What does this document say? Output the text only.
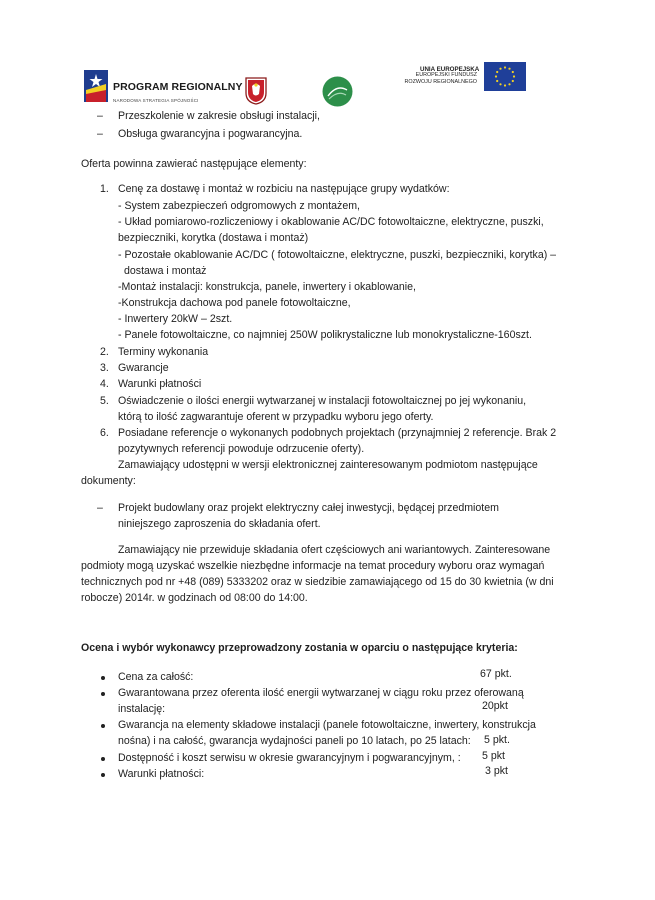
PROGRAM REGIONALNY
NARODOWA STRATEGIA SPÓJNOŚCI
UNIA EUROPEJSKA
EUROPEJSKI FUNDUSZ
ROZWOJU REGIONALNEGO
– Przeszkolenie w zakresie obsługi instalacji,
– Obsługa gwarancyjna i pogwarancyjna.
Oferta powinna zawierać następujące elementy:
1. Cenę za dostawę i montaż w rozbiciu na następujące grupy wydatków:
- System zabezpieczeń odgromowych z montażem,
- Układ pomiarowo-rozliczeniowy i okablowanie AC/DC fotowoltaiczne, elektryczne, puszki,
bezpieczniki, korytka (dostawa i montaż)
- Pozostałe okablowanie AC/DC ( fotowoltaiczne, elektryczne, puszki, bezpieczniki, korytka) –
dostawa i montaż
-Montaż instalacji: konstrukcja, panele, inwertery i okablowanie,
-Konstrukcja dachowa pod panele fotowoltaiczne,
- Inwertery 20kW – 2szt.
- Panele fotowoltaiczne, co najmniej 250W polikrystaliczne lub monokrystaliczne-160szt.
2. Terminy wykonania
3. Gwarancje
4. Warunki płatności
5. Oświadczenie o ilości energii wytwarzanej w instalacji fotowoltaicznej po jej wykonaniu,
którą to ilość zagwarantuje oferent w przypadku wyboru jego oferty.
6. Posiadane referencje o wykonanych podobnych projektach (przynajmniej 2 referencje. Brak 2
pozytywnych referencji powoduje odrzucenie oferty).
Zamawiający udostępni w wersji elektronicznej zainteresowanym podmiotom następujące
dokumenty:
– Projekt budowlany oraz projekt elektryczny całej inwestycji, będącej przedmiotem
niniejszego zaproszenia do składania ofert.
Zamawiający nie przewiduje składania ofert częściowych ani wariantowych. Zainteresowane
podmioty mogą uzyskać wszelkie niezbędne informacje na temat procedury wyboru oraz wymagań
technicznych pod nr +48 (089) 5333202 oraz w siedzibie zamawiającego od 15 do 30 kwietnia (w dni
robocze) 2014r. w godzinach od 08:00 do 14:00.
Ocena i wybór wykonawcy przeprowadzony zostania w oparciu o następujące kryteria:
Cena za całość:	67 pkt.
Gwarantowana przez oferenta ilość energii wytwarzanej w ciągu roku przez oferowaną
instalację:	20pkt
Gwarancja na elementy składowe instalacji (panele fotowoltaiczne, inwertery, konstrukcja
nośna) i na całość, gwarancja wydajności paneli po 10 latach, po 25 latach: 5 pkt.
Dostępność i koszt serwisu w okresie gwarancyjnym i pogwarancyjnym, : 5 pkt
Warunki płatności:	3 pkt
